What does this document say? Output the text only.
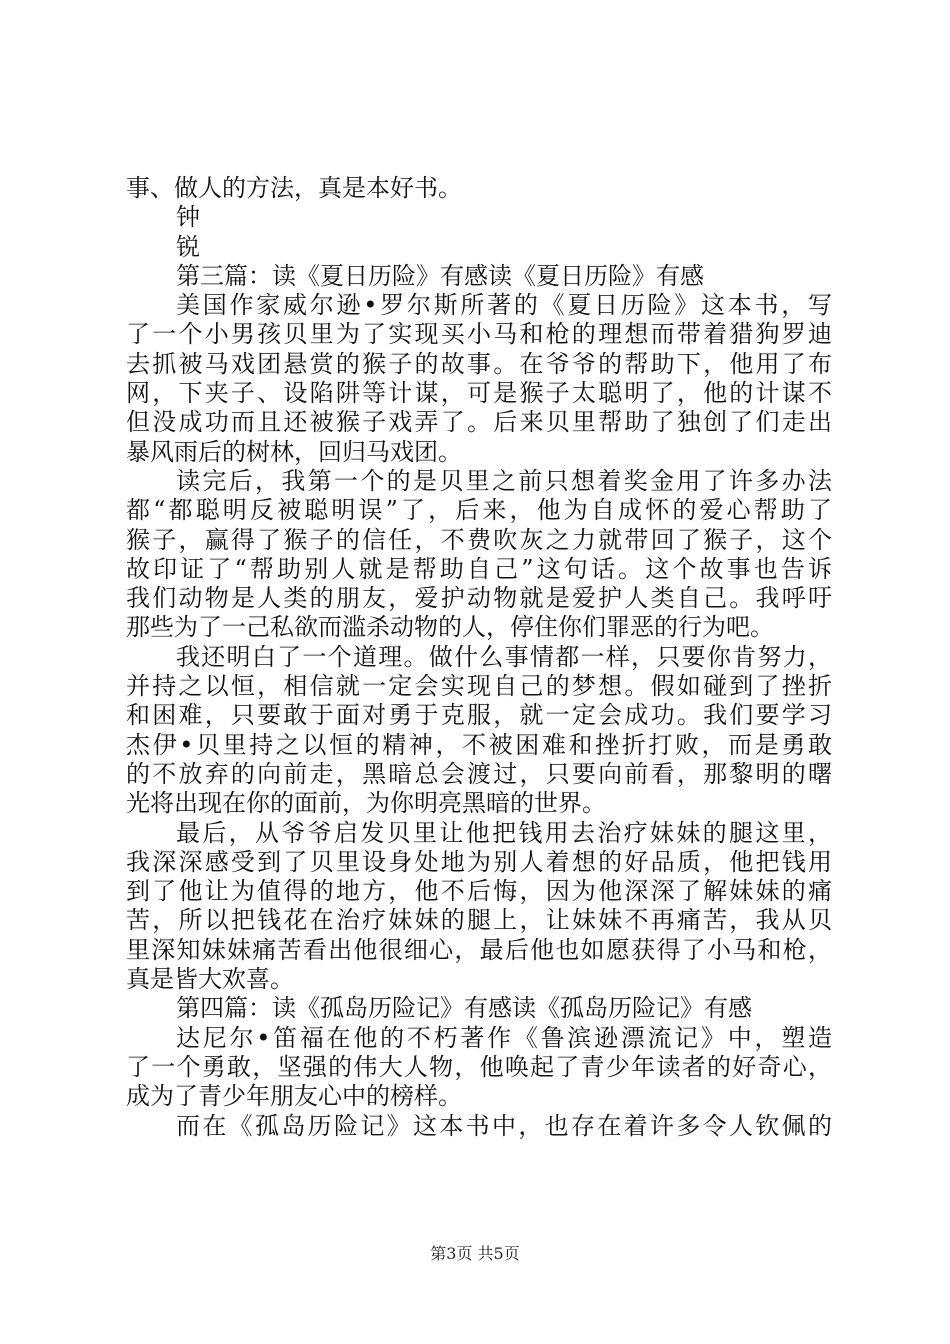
事、做人的方法，真是本好书。
钟
锐
第三篇：读《夏日历险》有感读《夏日历险》有感
美国作家威尔逊•罗尔斯所著的《夏日历险》这本书，写
了一个小男孩贝里为了实现买小马和枪的理想而带着猎狗罗迪
去抓被马戏团悬赏的猴子的故事。在爷爷的帮助下，他用了布
网，下夹子、设陷阱等计谋，可是猴子太聪明了，他的计谋不
但没成功而且还被猴子戏弄了。后来贝里帮助了独创了们走出
暴风雨后的树林，回归马戏团。
读完后，我第一个的是贝里之前只想着奖金用了许多办法
都“都聪明反被聪明误”了，后来，他为自成怀的爱心帮助了
猴子，赢得了猴子的信任，不费吹灰之力就带回了猴子，这个
故印证了“帮助别人就是帮助自己”这句话。这个故事也告诉
我们动物是人类的朋友，爱护动物就是爱护人类自己。我呼吁
那些为了一己私欲而滥杀动物的人，停住你们罪恶的行为吧。
我还明白了一个道理。做什么事情都一样，只要你肯努力，
并持之以恒，相信就一定会实现自己的梦想。假如碰到了挫折
和困难，只要敢于面对勇于克服，就一定会成功。我们要学习
杰伊•贝里持之以恒的精神，不被困难和挫折打败，而是勇敢
的不放弃的向前走，黑暗总会渡过，只要向前看，那黎明的曙
光将出现在你的面前，为你明亮黑暗的世界。
最后，从爷爷启发贝里让他把钱用去治疗妹妹的腿这里，
我深深感受到了贝里设身处地为别人着想的好品质，他把钱用
到了他让为值得的地方，他不后悔，因为他深深了解妹妹的痛
苦，所以把钱花在治疗妹妹的腿上，让妹妹不再痛苦，我从贝
里深知妹妹痛苦看出他很细心，最后他也如愿获得了小马和枪，
真是皆大欢喜。
第四篇：读《孤岛历险记》有感读《孤岛历险记》有感
达尼尔•笛福在他的不朽著作《鲁滨逊漂流记》中，塑造
了一个勇敢，坚强的伟大人物，他唤起了青少年读者的好奇心，
成为了青少年朋友心中的榜样。
而在《孤岛历险记》这本书中，也存在着许多令人钦佩的
第3页 共5页
